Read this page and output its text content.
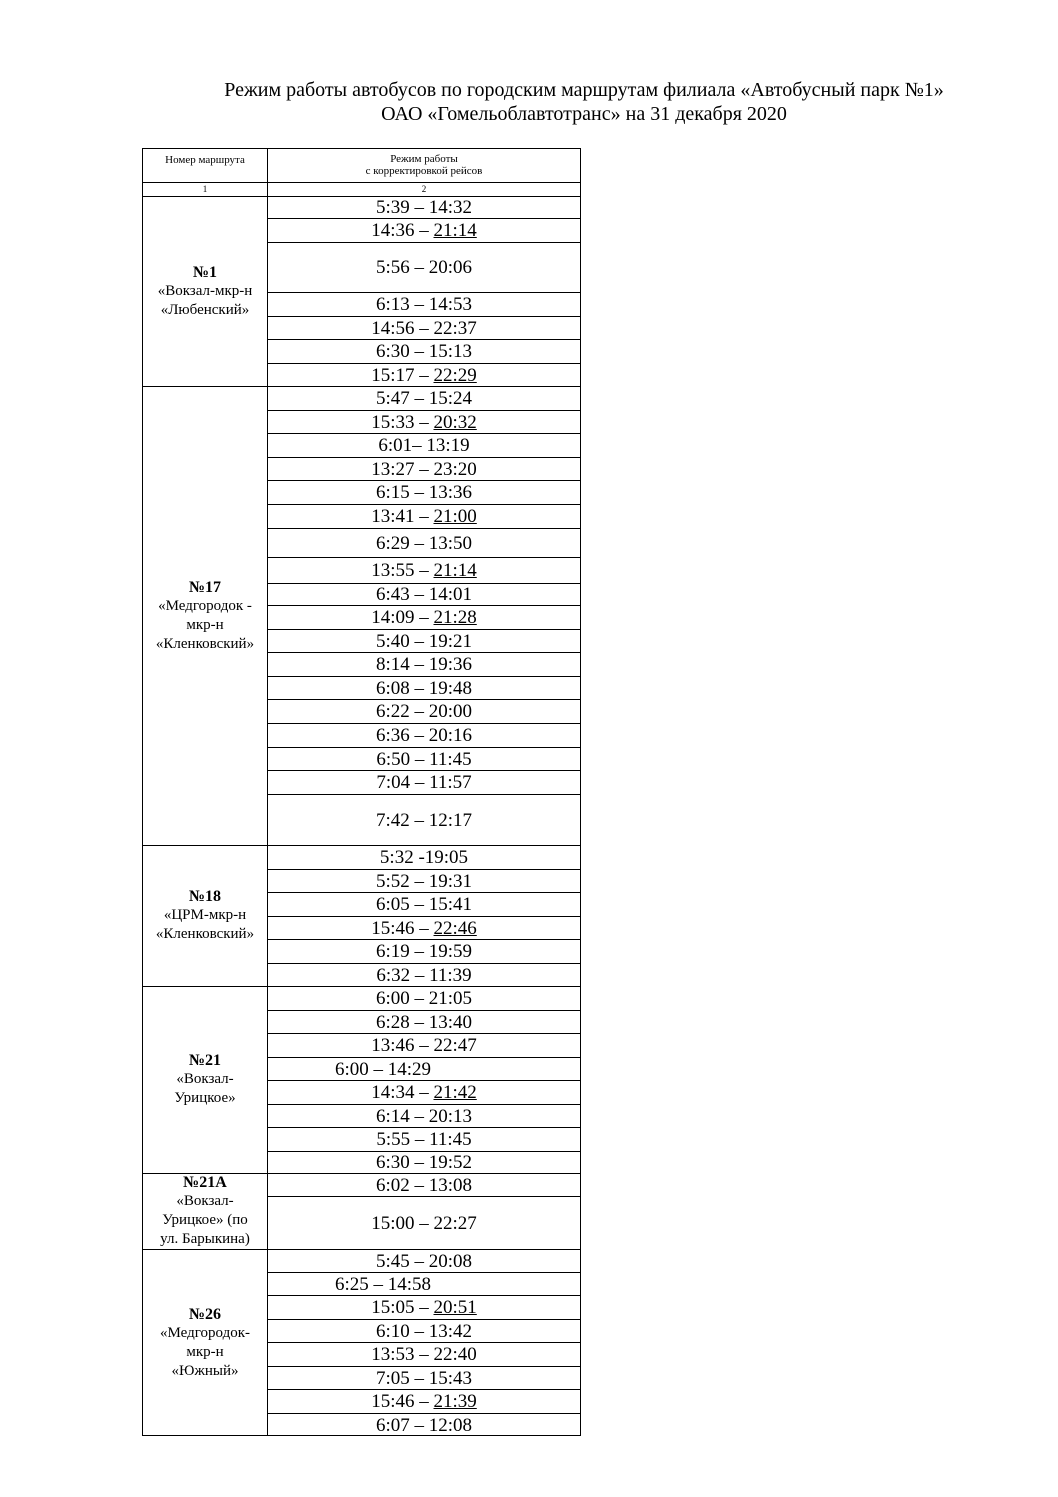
Режим работы автобусов по городским маршрутам филиала «Автобусный парк №1»
ОАО «Гомельоблавтотранс» на 31 декабря 2020
Номер маршрута	Режим работы
с корректировкой рейсов
1	2
№1
«Вокзал-мкр-н
«Любенский»
5:39 – 14:32
14:36 – 21:14
5:56 – 20:06
6:13 – 14:53
14:56 – 22:37
6:30 – 15:13
15:17 – 22:29
№17
«Медгородок -
мкр-н
«Кленковский»
5:47 – 15:24
15:33 – 20:32
6:01 – 13:19
13:27 – 23:20
6:15 – 13:36
13:41 – 21:00
6:29 – 13:50
13:55 – 21:14
6:43 – 14:01
14:09 – 21:28
5:40 – 19:21
8:14 – 19:36
6:08 – 19:48
6:22 – 20:00
6:36 – 20:16
6:50 – 11:45
7:04 – 11:57
7:42 – 12:17
№18
«ЦРМ-мкр-н
«Кленковский»
5:32 - 19:05
5:52 – 19:31
6:05 – 15:41
15:46 – 22:46
6:19 – 19:59
6:32 – 11:39
№21
«Вокзал-
Урицкое»
6:00 – 21:05
6:28 – 13:40
13:46 – 22:47
6:00 – 14:29
14:34 – 21:42
6:14 – 20:13
5:55 – 11:45
6:30 – 19:52
№21А
«Вокзал-
Урицкое» (по
ул. Барыкина)
6:02 – 13:08
15:00 – 22:27
№26
«Медгородок-
мкр-н
«Южный»
5:45 – 20:08
6:25 – 14:58
15:05 – 20:51
6:10 – 13:42
13:53 – 22:40
7:05 – 15:43
15:46 – 21:39
6:07 – 12:08
